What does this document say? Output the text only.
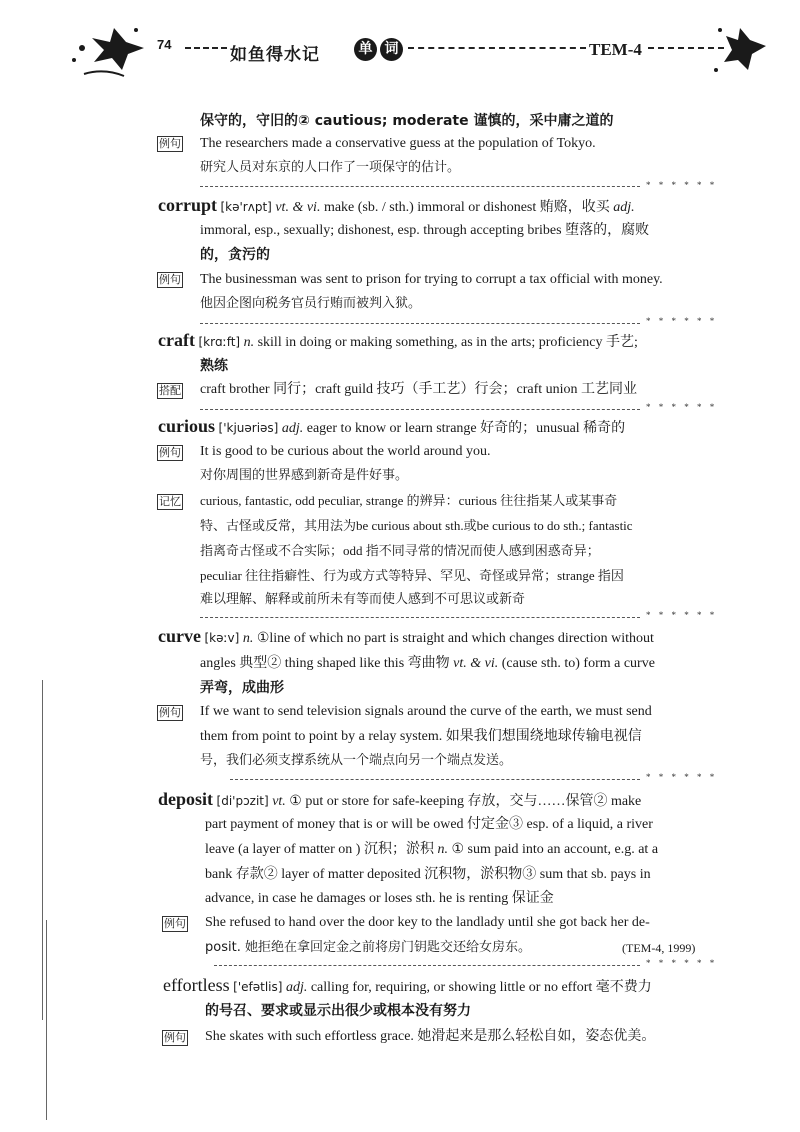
74
如鱼得水记	单 词	TEM-4
保守的，守旧的② cautious; moderate 谨慎的，采中庸之道的
例句 The researchers made a conservative guess at the population of Tokyo.
研究人员对东京的人口作了一项保守的估计。
* * * * * *
corrupt [kə'rʌpt] vt. & vi. make (sb. / sth.) immoral or dishonest 贿赂，收买 adj.
immoral, esp., sexually; dishonest, esp. through accepting bribes 堕落的，腐败
的，贪污的
例句 The businessman was sent to prison for trying to corrupt a tax official with money.
他因企图向税务官员行贿而被判入狱。
* * * * * *
craft [krɑːft] n. skill in doing or making something, as in the arts; proficiency 手艺;
熟练
搭配 craft brother 同行；craft guild 技巧（手工艺）行会；craft union 工艺同业
* * * * * *
curious ['kjuəriəs] adj. eager to know or learn strange 好奇的；unusual 稀奇的
例句 It is good to be curious about the world around you.
对你周围的世界感到新奇是件好事。
记忆 curious, fantastic, odd peculiar, strange 的辨异：curious 往往指某人或某事奇
特、古怪或反常，其用法为be curious about sth.或be curious to do sth.; fantastic
指离奇古怪或不合实际；odd 指不同寻常的情况而使人感到困惑奇异；
peculiar 往往指癖性、行为或方式等特异、罕见、奇怪或异常；strange 指因
难以理解、解释或前所未有等而使人感到不可思议或新奇
* * * * * *
curve [kəːv] n. ①line of which no part is straight and which changes direction without
angles 典型② thing shaped like this 弯曲物 vt. & vi. (cause sth. to) form a curve
弄弯，成曲形
例句 If we want to send television signals around the curve of the earth, we must send
them from point to point by a relay system. 如果我们想围绕地球传输电视信
号，我们必须支撑系统从一个端点向另一个端点发送。
* * * * * *
deposit [di'pɔzit] vt. ① put or store for safe-keeping 存放，交与……保管② make
part payment of money that is or will be owed 付定金③ esp. of a liquid, a river
leave (a layer of matter on ) 沉积；淤积 n. ① sum paid into an account, e.g. at a
bank 存款② layer of matter deposited 沉积物，淤积物③ sum that sb. pays in
advance, in case he damages or loses sth. he is renting 保证金
例句 She refused to hand over the door key to the landlady until she got back her de-
posit. 她拒绝在拿回定金之前将房门钥匙交还给女房东。	(TEM-4, 1999)
* * * * * *
effortless ['efətlis] adj. calling for, requiring, or showing little or no effort 毫不费力
的号召、要求或显示出很少或根本没有努力
例句 She skates with such effortless grace. 她滑起来是那么轻松自如，姿态优美。
